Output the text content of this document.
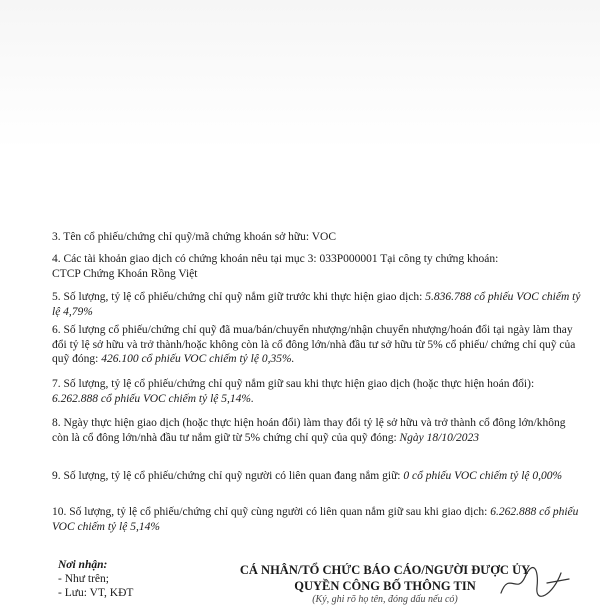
3. Tên cổ phiếu/chứng chỉ quỹ/mã chứng khoán sở hữu: VOC

4. Các tài khoản giao dịch có chứng khoán nêu tại mục 3: 033P000001 Tại công ty chứng khoán:
CTCP Chứng Khoán Rồng Việt

5. Số lượng, tỷ lệ cổ phiếu/chứng chỉ quỹ nắm giữ trước khi thực hiện giao dịch: 5.836.788 cổ phiếu VOC chiếm tỷ lệ 4,79%

6. Số lượng cổ phiếu/chứng chỉ quỹ đã mua/bán/chuyển nhượng/nhận chuyển nhượng/hoán đổi tại ngày làm thay đổi tỷ lệ sở hữu và trở thành/hoặc không còn là cổ đông lớn/nhà đầu tư sở hữu từ 5% cổ phiếu/ chứng chỉ quỹ của quỹ đóng: 426.100 cổ phiếu VOC chiếm tỷ lệ 0,35%.

7. Số lượng, tỷ lệ cổ phiếu/chứng chỉ quỹ nắm giữ sau khi thực hiện giao dịch (hoặc thực hiện hoán đổi): 6.262.888 cổ phiếu VOC chiếm tỷ lệ 5,14%.

8. Ngày thực hiện giao dịch (hoặc thực hiện hoán đổi) làm thay đổi tỷ lệ sở hữu và trở thành cổ đông lớn/không còn là cổ đông lớn/nhà đầu tư nắm giữ từ 5% chứng chỉ quỹ của quỹ đóng: Ngày 18/10/2023

9. Số lượng, tỷ lệ cổ phiếu/chứng chỉ quỹ người có liên quan đang nắm giữ: 0 cổ phiếu VOC chiếm tỷ lệ 0,00%

10. Số lượng, tỷ lệ cổ phiếu/chứng chỉ quỹ cùng người có liên quan nắm giữ sau khi giao dịch: 6.262.888 cổ phiếu VOC chiếm tỷ lệ 5,14%

Nơi nhận:
- Như trên;
- Lưu: VT, KĐT
CÁ NHÂN/TỔ CHỨC BÁO CÁO/NGƯỜI ĐƯỢC ỦY
QUYỀN CÔNG BỐ THÔNG TIN
(Ký, ghi rõ họ tên, đóng dấu nếu có)
